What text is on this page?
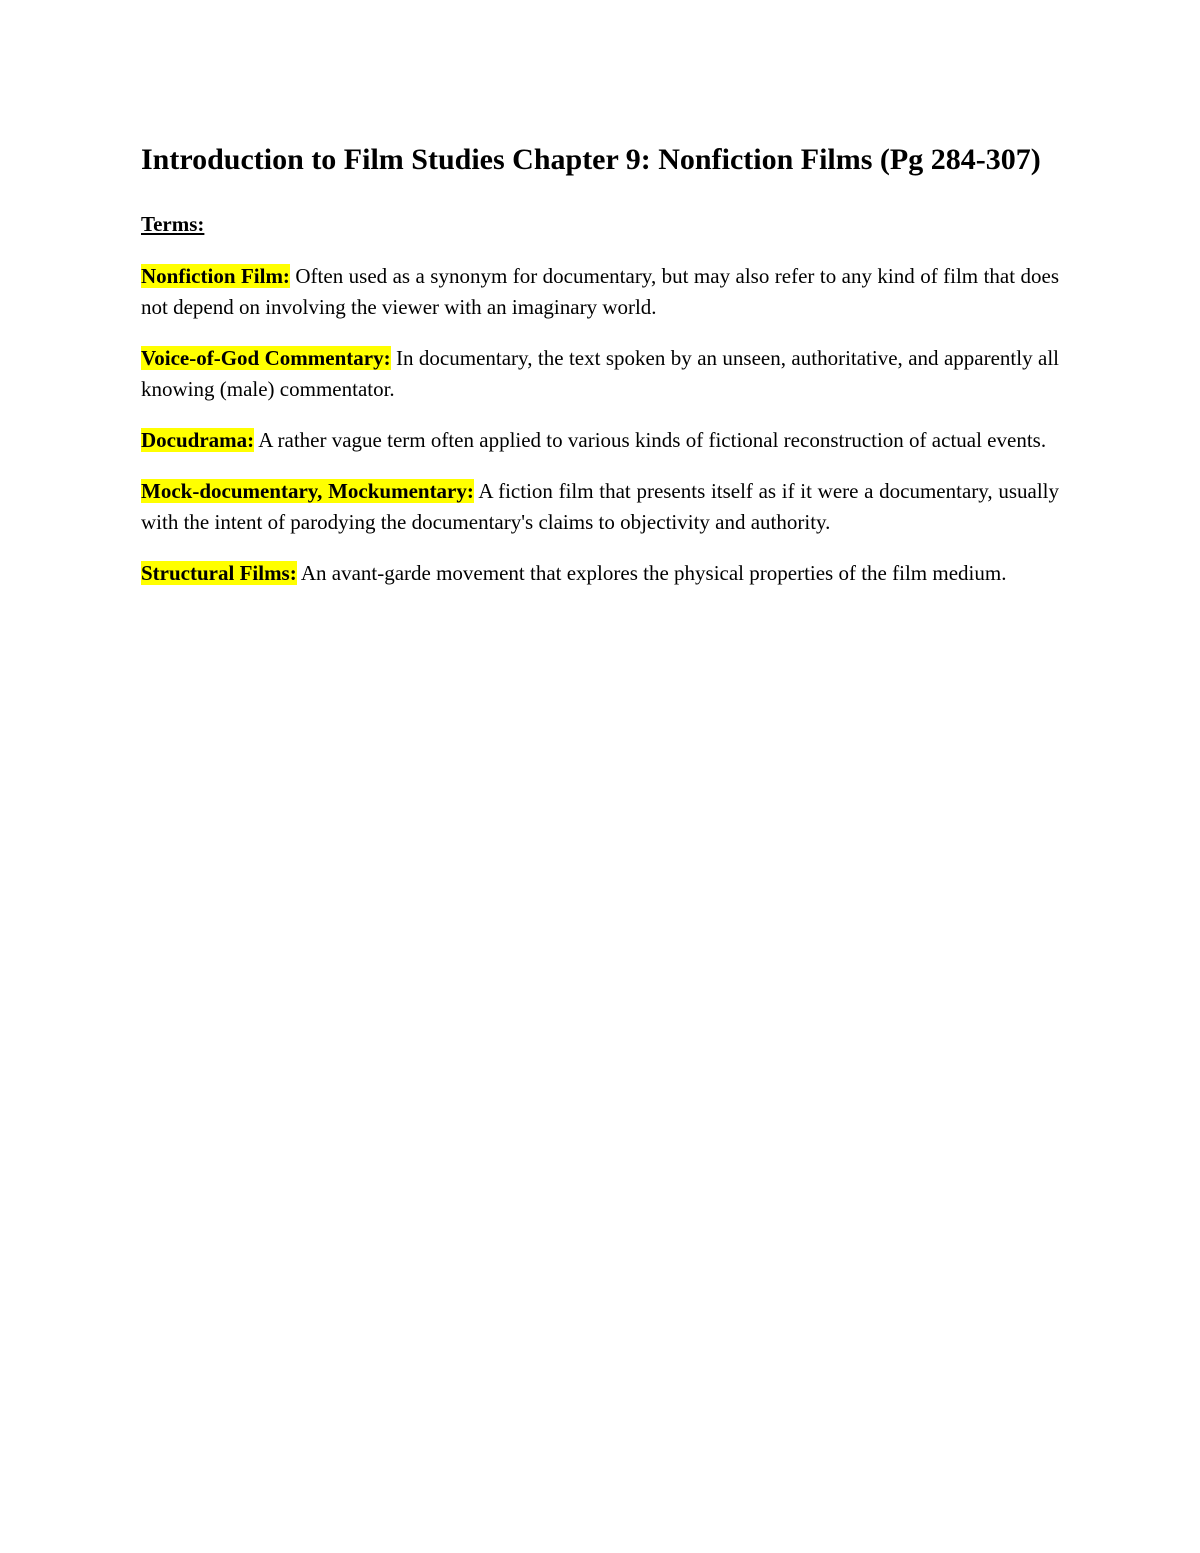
Introduction to Film Studies Chapter 9: Nonfiction Films (Pg 284-307)
Terms:

Nonfiction Film: Often used as a synonym for documentary, but may also refer to any kind of film that does not depend on involving the viewer with an imaginary world.

Voice-of-God Commentary: In documentary, the text spoken by an unseen, authoritative, and apparently all knowing (male) commentator.

Docudrama: A rather vague term often applied to various kinds of fictional reconstruction of actual events.

Mock-documentary, Mockumentary: A fiction film that presents itself as if it were a documentary, usually with the intent of parodying the documentary's claims to objectivity and authority.

Structural Films: An avant-garde movement that explores the physical properties of the film medium.
